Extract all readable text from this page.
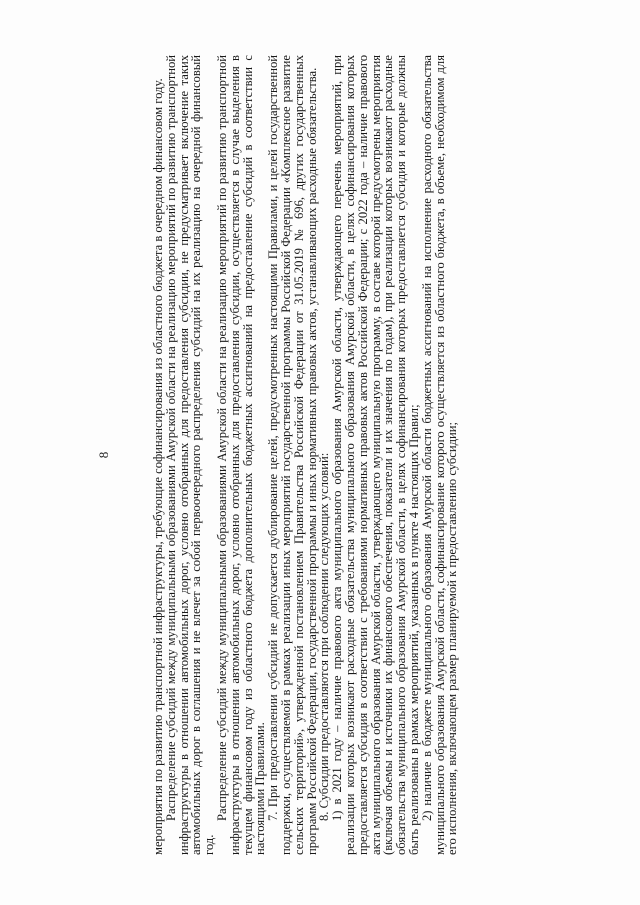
8	мероприятия по развитию транспортной инфраструктуры, требующие софинансирования из областного бюджета в очередном финансовом году.

Распределение субсидий между муниципальными образованиями Амурской области на реализацию мероприятий по развитию транспортной инфраструктуры в отношении автомобильных дорог, условно отобранных для предоставления субсидии, не предусматривает включение таких автомобильных дорог в соглашения и не влечет за собой первоочередного распределения субсидий на их реализацию на очередной финансовый год.

Распределение субсидий между муниципальными образованиями Амурской области на реализацию мероприятий по развитию транспортной инфраструктуры в отношении автомобильных дорог, условно отобранных для предоставления субсидии, осуществляется в случае выделения в текущем финансовом году из областного бюджета дополнительных бюджетных ассигнований на предоставление субсидий в соответствии с настоящими Правилами.

7. При предоставлении субсидий не допускается дублирование целей, предусмотренных настоящими Правилами, и целей государственной поддержки, осуществляемой в рамках реализации иных мероприятий государственной программы Российской Федерации «Комплексное развитие сельских территорий», утвержденной постановлением Правительства Российской Федерации от 31.05.2019 № 696, других государственных программ Российской Федерации, государственной программы и иных нормативных правовых актов, устанавливающих расходные обязательства.

8. Субсидии предоставляются при соблюдении следующих условий:

1) в 2021 году – наличие правового акта муниципального образования Амурской области, утверждающего перечень мероприятий, при реализации которых возникают расходные обязательства муниципального образования Амурской области, в целях софинансирования которых предоставляется субсидия в соответствии с требованиями нормативных правовых актов Российской Федерации; с 2022 года – наличие правового акта муниципального образования Амурской области, утверждающего муниципальную программу, в составе которой предусмотрены мероприятия (включая объемы и источники их финансового обеспечения, показатели и их значения по годам), при реализации которых возникают расходные обязательства муниципального образования Амурской области, в целях софинансирования которых предоставляется субсидия и которые должны быть реализованы в рамках мероприятий, указанных в пункте 4 настоящих Правил;

2) наличие в бюджете муниципального образования Амурской области бюджетных ассигнований на исполнение расходного обязательства муниципального образования Амурской области, софинансирование которого осуществляется из областного бюджета, в объеме, необходимом для его исполнения, включающем размер планируемой к предоставлению субсидии;
